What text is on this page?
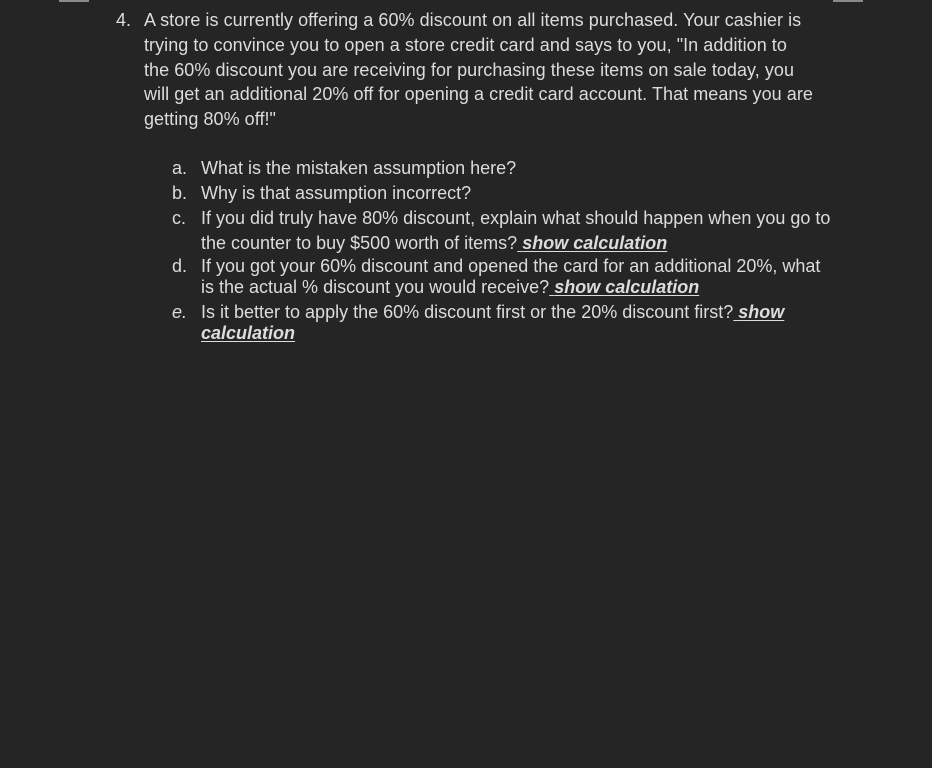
4. A store is currently offering a 60% discount on all items purchased. Your cashier is trying to convince you to open a store credit card and says to you, "In addition to the 60% discount you are receiving for purchasing these items on sale today, you will get an additional 20% off for opening a credit card account. That means you are getting 80% off!"
a. What is the mistaken assumption here?
b. Why is that assumption incorrect?
c. If you did truly have 80% discount, explain what should happen when you go to the counter to buy $500 worth of items? show calculation
d. If you got your 60% discount and opened the card for an additional 20%, what is the actual % discount you would receive? show calculation
e. Is it better to apply the 60% discount first or the 20% discount first? show calculation
